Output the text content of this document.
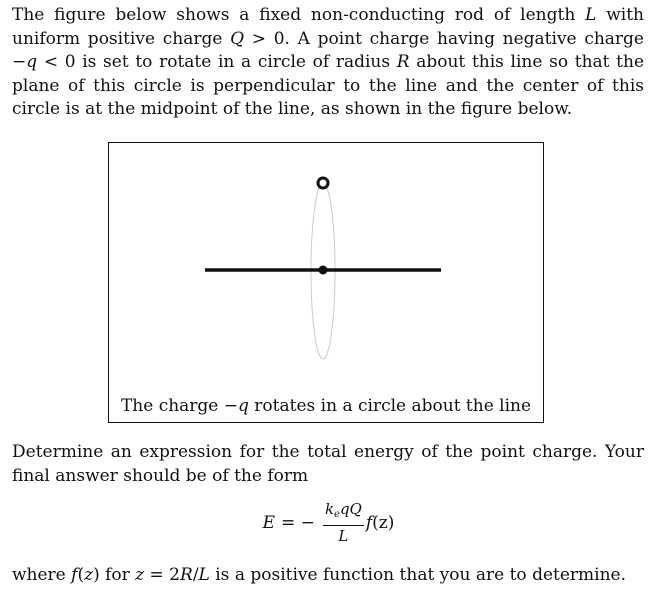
The figure below shows a fixed non-conducting rod of length L with uniform positive charge Q > 0. A point charge having negative charge −q < 0 is set to rotate in a circle of radius R about this line so that the plane of this circle is perpendicular to the line and the center of this circle is at the midpoint of the line, as shown in the figure below.

The charge −q rotates in a circle about the line

Determine an expression for the total energy of the point charge. Your final answer should be of the form

E = − $\frac{k_eqQ}{L}$ f (z)

where f(z) for z = 2R/L is a positive function that you are to determine.
